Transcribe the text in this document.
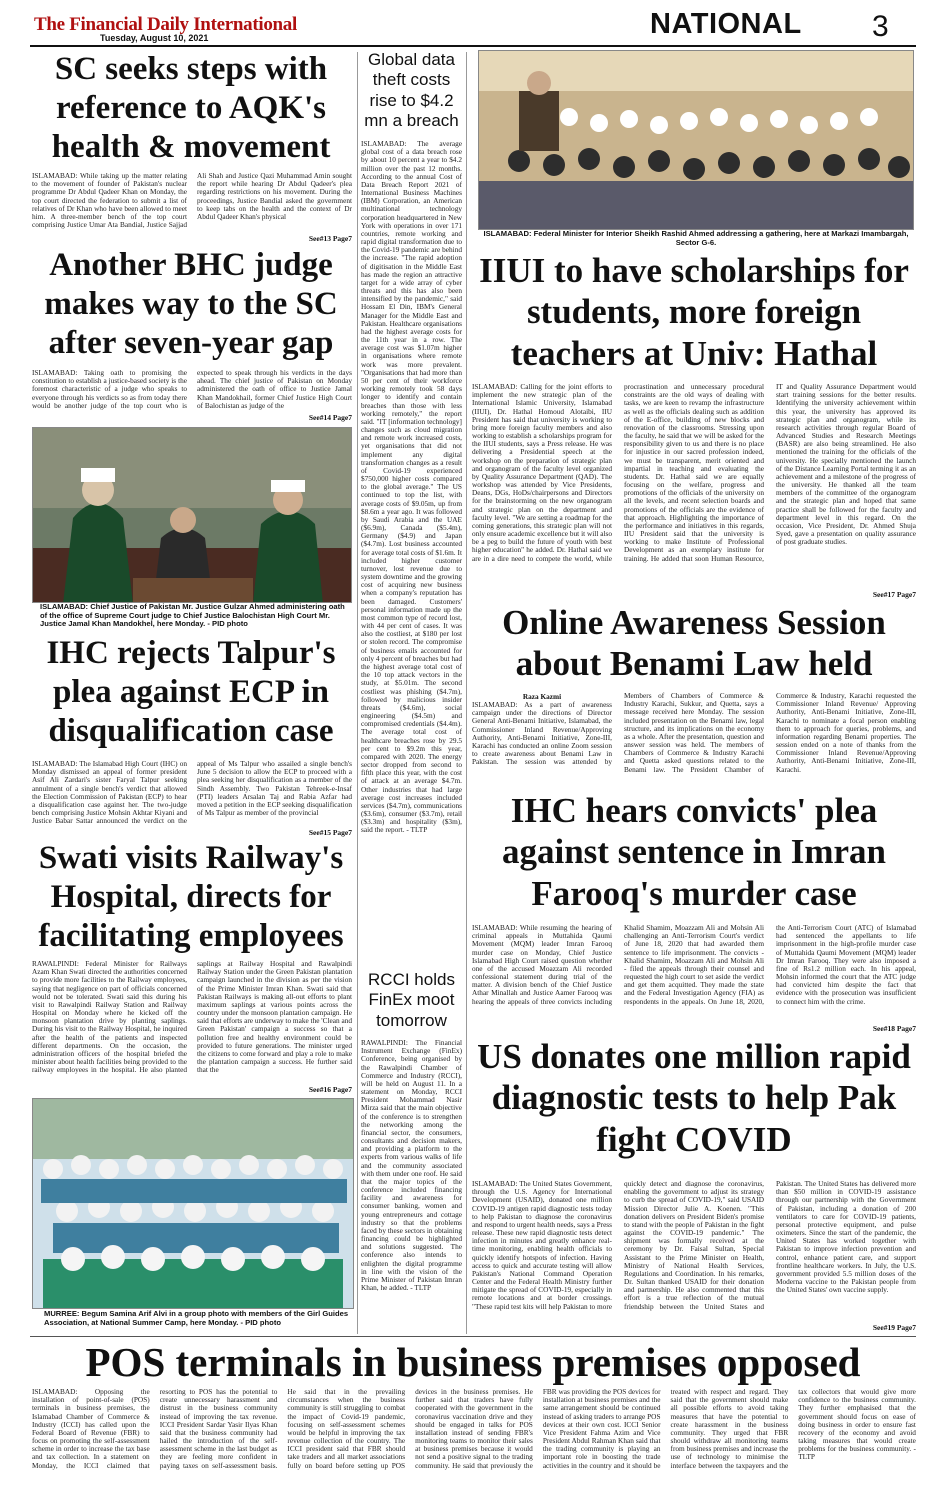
The Financial Daily International
Tuesday, August 10, 2021	NATIONAL 3
SC seeks steps with reference to AQK's health & movement
ISLAMABAD: While taking up the matter relating to the movement of founder of Pakistan's nuclear programme Dr Abdul Qadeer Khan on Monday, the top court directed the federation to submit a list of relatives of Dr Khan who have been allowed to meet him. A three-member bench of the top court comprising Justice Umar Ata Bandial, Justice Sajjad Ali Shah and Justice Qazi Muhammad Amin sought the report while hearing Dr Abdul Qadeer's plea regarding restrictions on his movement. During the proceedings, Justice Bandial asked the government to keep tabs on the health and the context of Dr Abdul Qadeer Khan's physical
See#13 Page7
Another BHC judge makes way to the SC after seven-year gap
ISLAMABAD: Taking oath to promising the constitution to establish a justice-based society is the foremost characteristic of a judge who speaks to everyone through his verdicts so as from today there would be another judge of the top court who is expected to speak through his verdicts in the days ahead. The chief justice of Pakistan on Monday administered the oath of office to Justice Jamal Khan Mandokhail, former Chief Justice High Court of Balochistan as judge of the
See#14 Page7
ISLAMABAD: Chief Justice of Pakistan Mr. Justice Gulzar Ahmed administering oath of the office of Supreme Court judge to Chief Justice Balochistan High Court Mr. Justice Jamal Khan Mandokhel, here Monday. - PID photo
IHC rejects Talpur's plea against ECP in disqualification case
ISLAMABAD: The Islamabad High Court (IHC) on Monday dismissed an appeal of former president Asif Ali Zardari's sister Faryal Talpur seeking annulment of a single bench's verdict that allowed the Election Commission of Pakistan (ECP) to hear a disqualification case against her. The two-judge bench comprising Justice Mohsin Akhtar Kiyani and Justice Babar Sattar announced the verdict on the appeal of Ms Talpur who assailed a single bench's June 5 decision to allow the ECP to proceed with a plea seeking her disqualification as a member of the Sindh Assembly. Two Pakistan Tehreek-e-Insaf (PTI) leaders Arsalan Taj and Rabia Azfar had moved a petition in the ECP seeking disqualification of Ms Talpur as member of the provincial
See#15 Page7
Swati visits Railway's Hospital, directs for facilitating employees
RAWALPINDI: Federal Minister for Railways Azam Khan Swati directed the authorities concerned to provide more facilities to the Railway employees, saying that negligence on part of officials concerned would not be tolerated. Swati said this during his visit to Rawalpindi Railway Station and Railway Hospital on Monday where he kicked off the monsoon plantation drive by planting saplings. During his visit to the Railway Hospital, he inquired after the health of the patients and inspected different departments. On the occasion, the administration officers of the hospital briefed the minister about health facilities being provided to the railway employees in the hospital. He also planted saplings at Railway Hospital and Rawalpindi Railway Station under the Green Pakistan plantation campaign launched in the division as per the vision of the Prime Minister Imran Khan. Swati said that Pakistan Railways is making all-out efforts to plant maximum saplings at various points across the country under the monsoon plantation campaign. He said that efforts are underway to make the 'Clean and Green Pakistan' campaign a success so that a pollution free and healthy environment could be provided to future generations. The minister urged the citizens to come forward and play a role to make the plantation campaign a success. He further said that the
See#16 Page7
MURREE: Begum Samina Arif Alvi in a group photo with members of the Girl Guides Association, at National Summer Camp, here Monday. - PID photo
Global data theft costs rise to $4.2 mn a breach
ISLAMABAD: The average global cost of a data breach rose by about 10 percent a year to $4.2 million over the past 12 months. According to the annual Cost of Data Breach Report 2021 of International Business Machines (IBM) Corporation, an American multinational technology corporation headquartered in New York with operations in over 171 countries, remote working and rapid digital transformation due to the Covid-19 pandemic are behind the increase. "The rapid adoption of digitisation in the Middle East has made the region an attractive target for a wide array of cyber threats and this has also been intensified by the pandemic," said Hossam El Din, IBM's General Manager for the Middle East and Pakistan. Healthcare organisations had the highest average costs for the 11th year in a row. The average cost was $1.07m higher in organisations where remote work was more prevalent. "Organisations that had more than 50 per cent of their workforce working remotely took 58 days longer to identify and contain breaches than those with less working remotely," the report said. "IT [information technology] changes such as cloud migration and remote work increased costs, yet organisations that did not implement any digital transformation changes as a result of Covid-19 experienced $750,000 higher costs compared to the global average." The US continued to top the list, with average costs of $9.05m, up from $8.6m a year ago. It was followed by Saudi Arabia and the UAE ($6.9m), Canada ($5.4m), Germany ($4.9) and Japan ($4.7m). Lost business accounted for average total costs of $1.6m. It included higher customer turnover, lost revenue due to system downtime and the growing cost of acquiring new business when a company's reputation has been damaged. Customers' personal information made up the most common type of record lost, with 44 per cent of cases. It was also the costliest, at $180 per lost or stolen record. The compromise of business emails accounted for only 4 percent of breaches but had the highest average total cost of the 10 top attack vectors in the study, at $5.01m. The second costliest was phishing ($4.7m), followed by malicious insider threats ($4.6m), social engineering ($4.5m) and compromised credentials ($4.4m). The average total cost of healthcare breaches rose by 29.5 per cent to $9.2m this year, compared with 2020. The energy sector dropped from second to fifth place this year, with the cost of attack at an average $4.7m. Other industries that had large average cost increases included services ($4.7m), communications ($3.6m), consumer ($3.7m), retail ($3.3m) and hospitality ($3m), said the report. - TLTP
RCCI holds FinEx moot tomorrow
RAWALPINDI: The Financial Instrument Exchange (FinEx) Conference, being organised by the Rawalpindi Chamber of Commerce and Industry (RCCI), will be held on August 11. In a statement on Monday, RCCI President Mohammad Nasir Mirza said that the main objective of the conference is to strengthen the networking among the financial sector, the consumers, consultants and decision makers, and providing a platform to the experts from various walks of life and the community associated with them under one roof. He said that the major topics of the conference included financing facility and awareness for consumer banking, women and young entrepreneurs and cottage industry so that the problems faced by these sectors in obtaining financing could be highlighted and solutions suggested. The conference also intends to enlighten the digital programme in line with the vision of the Prime Minister of Pakistan Imran Khan, he added. - TLTP
ISLAMABAD: Federal Minister for Interior Sheikh Rashid Ahmed addressing a gathering, here at Markazi Imambargah, Sector G-6.
IIUI to have scholarships for students, more foreign teachers at Univ: Hathal
ISLAMABAD: Calling for the joint efforts to implement the new strategic plan of the International Islamic University, Islamabad (IIUI), Dr. Hathal Homoud Alotaibi, IIU President has said that university is working to bring more foreign faculty members and also working to establish a scholarships program for the IIUI students, says a Press release. He was delivering a Presidential speech at the workshop on the preparation of strategic plan and organogram of the faculty level organized by Quality Assurance Department (QAD). The workshop was attended by Vice Presidents, Deans, DGs, HoDs/chairpersons and Directors for the brainstorming on the new organogram and strategic plan on the department and faculty level. "We are setting a roadmap for the coming generations, this strategic plan will not only ensure academic excellence but it will also be a peg to build the future of youth with best higher education" he added. Dr. Hathal said we are in a dire need to compete the world, while procrastination and unnecessary procedural constraints are the old ways of dealing with tasks, we are keen to revamp the infrastructure as well as the officials dealing such as addition of the E-office, building of new blocks and renovation of the classrooms. Stressing upon the faculty, he said that we will be asked for the responsibility given to us and there is no place for injustice in our sacred profession indeed, we must be transparent, merit oriented and impartial in teaching and evaluating the students. Dr. Hathal said we are equally focusing on the welfare, progress and promotions of the officials of the university on all the levels, and recent selection boards and promotions of the officials are the evidence of that approach. Highlighting the importance of the performance and initiatives in this regards, IIU President said that the university is working to make Institute of Professional Development as an exemplary institute for training. He added that soon Human Resource, IT and Quality Assurance Department would start training sessions for the better results. Identifying the university achievement within this year, the university has approved its strategic plan and organogram, while its research activities through regular Board of Advanced Studies and Research Meetings (BASR) are also being streamlined. He also mentioned the training for the officials of the university. He specially mentioned the launch of the Distance Learning Portal terming it as an achievement and a milestone of the progress of the university. He thanked all the team members of the committee of the organogram and the strategic plan and hoped that same practice shall be followed for the faculty and department level in this regard. On the occasion, Vice President, Dr. Ahmed Shuja Syed, gave a presentation on quality assurance of post graduate studies.
See#17 Page7
Online Awareness Session about Benami Law held
Raza Kazmi
ISLAMABAD: As a part of awareness campaign under the directions of Director General Anti-Benami Initiative, Islamabad, the Commissioner Inland Revenue/Approving Authority, Anti-Benami Initiative, Zone-III, Karachi has conducted an online Zoom session to create awareness about Benami Law in Pakistan. The session was attended by Members of Chambers of Commerce & Industry Karachi, Sukkur, and Quetta, says a message received here Monday. The session included presentation on the Benami law, legal structure, and its implications on the economy as a whole. After the presentation, question and answer session was held. The members of Chambers of Commerce & Industry Karachi and Quetta asked questions related to the Benami law. The President Chamber of Commerce & Industry, Karachi requested the Commissioner Inland Revenue/ Approving Authority, Anti-Benami Initiative, Zone-III, Karachi to nominate a focal person enabling them to approach for queries, problems, and information regarding Benami properties. The session ended on a note of thanks from the Commissioner Inland Revenue/Approving Authority, Anti-Benami Initiative, Zone-III, Karachi.
IHC hears convicts' plea against sentence in Imran Farooq's murder case
ISLAMABAD: While resuming the hearing of criminal appeals in Muttahida Qaumi Movement (MQM) leader Imran Farooq murder case on Monday, Chief Justice Islamabad High Court raised question whether one of the accused Moazzam Ali recorded confessional statement during trial of the matter. A division bench of the Chief Justice Athar Minallah and Justice Aamer Farooq was hearing the appeals of three convicts including Khalid Shamim, Moazzam Ali and Mohsin Ali challenging an Anti-Terrorism Court's verdict of June 18, 2020 that had awarded them sentence to life imprisonment. The convicts - Khalid Shamim, Moazzam Ali and Mohsin Ali - filed the appeals through their counsel and requested the high court to set aside the verdict and get them acquitted. They made the state and the Federal Investigation Agency (FIA) as respondents in the appeals. On June 18, 2020, the Anti-Terrorism Court (ATC) of Islamabad had sentenced the appellants to life imprisonment in the high-profile murder case of Muttahida Qaumi Movement (MQM) leader Dr Imran Farooq. They were also imposed a fine of Rs1.2 million each. In his appeal, Mohsin informed the court that the ATC judge had convicted him despite the fact that evidence with the prosecution was insufficient to connect him with the crime.
See#18 Page7
US donates one million rapid diagnostic tests to help Pak fight COVID
ISLAMABAD: The United States Government, through the U.S. Agency for International Development (USAID), donated one million COVID-19 antigen rapid diagnostic tests today to help Pakistan to diagnose the coronavirus and respond to urgent health needs, says a Press release. These new rapid diagnostic tests detect infection in minutes and greatly enhance real-time monitoring, enabling health officials to quickly identify hotspots of infection. Having access to quick and accurate testing will allow Pakistan's National Command Operation Center and the Federal Health Ministry further mitigate the spread of COVID-19, especially in remote locations and at border crossings. "These rapid test kits will help Pakistan to more quickly detect and diagnose the coronavirus, enabling the government to adjust its strategy to curb the spread of COVID-19," said USAID Mission Director Julie A. Koenen. "This donation delivers on President Biden's promise to stand with the people of Pakistan in the fight against the COVID-19 pandemic." The shipment was formally received at the ceremony by Dr. Faisal Sultan, Special Assistant to the Prime Minister on Health, Ministry of National Health Services, Regulations and Coordination. In his remarks, Dr. Sultan thanked USAID for their donation and partnership. He also commented that this effort is a true reflection of the mutual friendship between the United States and Pakistan. The United States has delivered more than $50 million in COVID-19 assistance through our partnership with the Government of Pakistan, including a donation of 200 ventilators to care for COVID-19 patients, personal protective equipment, and pulse oximeters. Since the start of the pandemic, the United States has worked together with Pakistan to improve infection prevention and control, enhance patient care, and support frontline healthcare workers. In July, the U.S. government provided 5.5 million doses of the Moderna vaccine to the Pakistan people from the United States' own vaccine supply.
See#19 Page7
POS terminals in business premises opposed
ISLAMABAD: Opposing the installation of point-of-sale (POS) terminals in business premises, the Islamabad Chamber of Commerce & Industry (ICCI) has called upon the Federal Board of Revenue (FBR) to focus on promoting the self-assessment scheme in order to increase the tax base and tax collection. In a statement on Monday, the ICCI claimed that resorting to POS has the potential to create unnecessary harassment and distrust in the business community instead of improving the tax revenue. ICCI President Sardar Yasir Ilyas Khan said that the business community had hailed the introduction of the self-assessment scheme in the last budget as they are feeling more confident in paying taxes on self-assessment basis. He said that in the prevailing circumstances when the business community is still struggling to combat the impact of Covid-19 pandemic, focusing on self-assessment schemes would be helpful in improving the tax revenue collection of the country. The ICCI president said that FBR should take traders and all market associations fully on board before setting up POS devices in the business premises. He further said that traders have fully cooperated with the government in the coronavirus vaccination drive and they should be engaged in talks for POS installation instead of sending FBR's monitoring teams to monitor their sales at business premises because it would not send a positive signal to the trading community. He said that previously the FBR was providing the POS devices for installation at business premises and the same arrangement should be continued instead of asking traders to arrange POS devices at their own cost. ICCI Senior Vice President Fahma Azim and Vice President Abdul Rahman Khan said that the trading community is playing an important role in boosting the trade activities in the country and it should be treated with respect and regard. They said that the government should make all possible efforts to avoid taking measures that have the potential to create harassment in the business community. They urged that FBR should withdraw all monitoring teams from business premises and increase the use of technology to minimise the interface between the taxpayers and the tax collectors that would give more confidence to the business community. They further emphasised that the government should focus on ease of doing business in order to ensure fast recovery of the economy and avoid taking measures that would create problems for the business community. - TLTP
